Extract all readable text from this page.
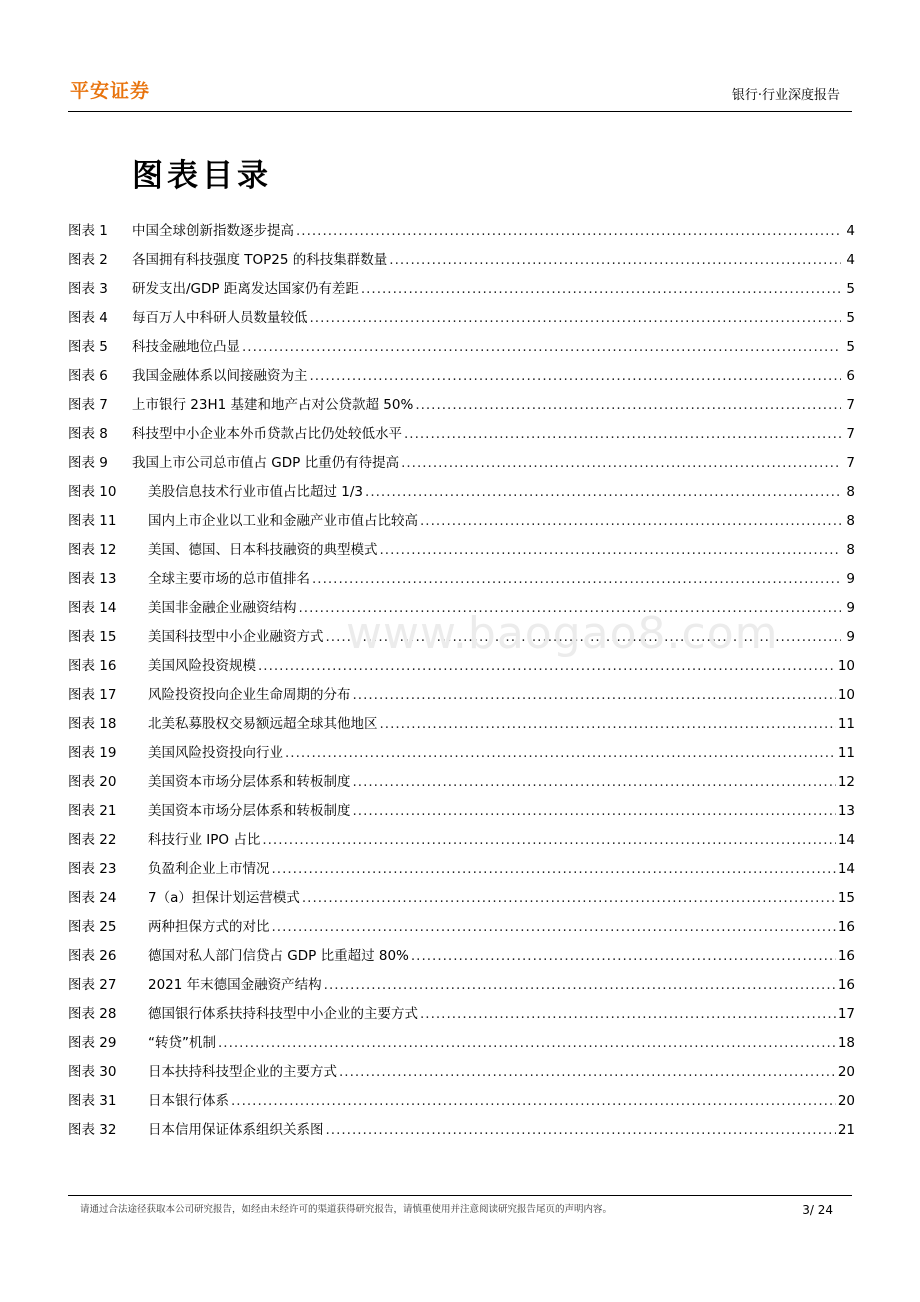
平安证券	银行·行业深度报告
图表目录
图表 1	中国全球创新指数逐步提高 .....	4
图表 2	各国拥有科技强度 TOP25 的科技集群数量 .....	4
图表 3	研发支出/GDP 距离发达国家仍有差距 .....	5
图表 4	每百万人中科研人员数量较低 .....	5
图表 5	科技金融地位凸显 .....	5
图表 6	我国金融体系以间接融资为主 .....	6
图表 7	上市银行 23H1 基建和地产占对公贷款超 50% .....	7
图表 8	科技型中小企业本外币贷款占比仍处较低水平 .....	7
图表 9	我国上市公司总市值占 GDP 比重仍有待提高 .....	7
图表 10	美股信息技术行业市值占比超过 1/3 .....	8
图表 11	国内上市企业以工业和金融产业市值占比较高 .....	8
图表 12	美国、德国、日本科技融资的典型模式 .....	8
图表 13	全球主要市场的总市值排名 .....	9
图表 14	美国非金融企业融资结构 .....	9
图表 15	美国科技型中小企业融资方式 .....	9
图表 16	美国风险投资规模 .....	10
图表 17	风险投资投向企业生命周期的分布 .....	10
图表 18	北美私募股权交易额远超全球其他地区 .....	11
图表 19	美国风险投资投向行业 .....	11
图表 20	美国资本市场分层体系和转板制度 .....	12
图表 21	美国资本市场分层体系和转板制度 .....	13
图表 22	科技行业 IPO 占比 .....	14
图表 23	负盈利企业上市情况 .....	14
图表 24	7（a）担保计划运营模式 .....	15
图表 25	两种担保方式的对比 .....	16
图表 26	德国对私人部门信贷占 GDP 比重超过 80% .....	16
图表 27	2021 年末德国金融资产结构 .....	16
图表 28	德国银行体系扶持科技型中小企业的主要方式 .....	17
图表 29	“转贷”机制 .....	18
图表 30	日本扶持科技型企业的主要方式 .....	20
图表 31	日本银行体系 .....	20
图表 32	日本信用保证体系组织关系图 .....	21
www.baogao8.com
请通过合法途径获取本公司研究报告，如经由未经许可的渠道获得研究报告，请慎重使用并注意阅读研究报告尾页的声明内容。	3/ 24
